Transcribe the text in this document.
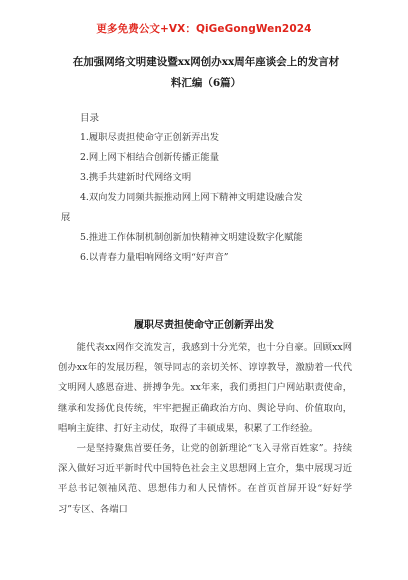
更多免费公文+VX：QiGeGongWen2024
在加强网络文明建设暨xx网创办xx周年座谈会上的发言材
料汇编（6篇）
目录
1.履职尽责担使命守正创新弄出发
2.网上网下相结合创新传播正能量
3.携手共建新时代网络文明
4.双向发力同频共振推动网上网下精神文明建设融合发
展
5.推进工作体制机制创新加快精神文明建设数字化赋能
6.以青春力量唱响网络文明“好声音”
履职尽责担使命守正创新弄出发

能代表xx网作交流发言，我感到十分光荣，也十分自豪。回顾xx网创办xx年的发展历程，领导同志的亲切关怀、谆谆教导，激励着一代代文明网人感恩奋进、拼搏争先。xx年来，我们勇担门户网站职责使命，继承和发扬优良传统，牢牢把握正确政治方向、舆论导向、价值取向，唱响主旋律、打好主动仗，取得了丰硕成果，积累了工作经验。

一是坚持聚焦首要任务，让党的创新理论“飞入寻常百姓家”。持续深入做好习近平新时代中国特色社会主义思想网上宣介，集中展现习近平总书记领袖风范、思想伟力和人民情怀。在首页首屏开设“好好学习”专区、各端口
